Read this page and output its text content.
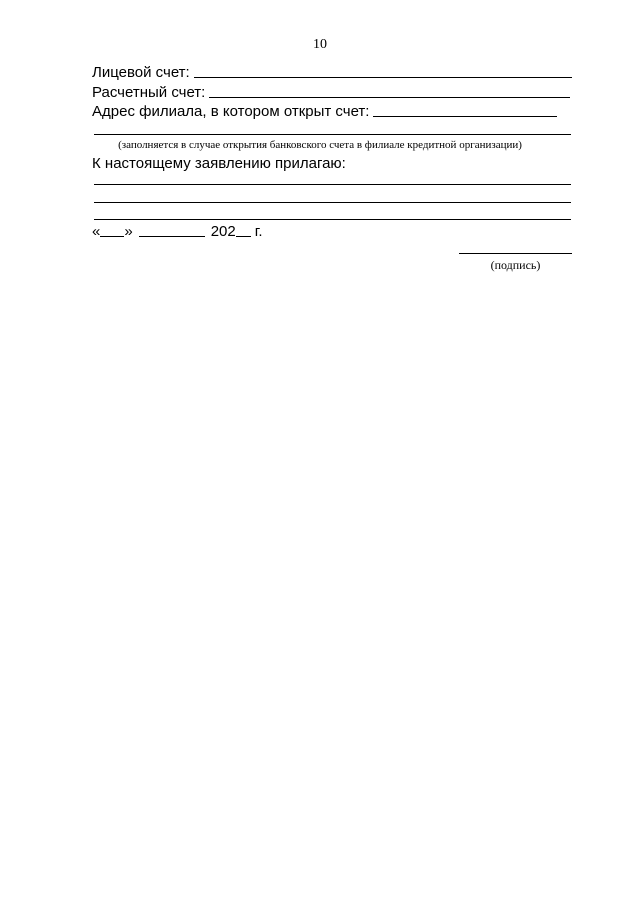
10
Лицевой счет:
Расчетный счет:
Адрес филиала, в котором открыт счет:
(заполняется в случае открытия банковского счета в филиале кредитной организации)
К настоящему заявлению прилагаю:
« »	202 г.
(подпись)
